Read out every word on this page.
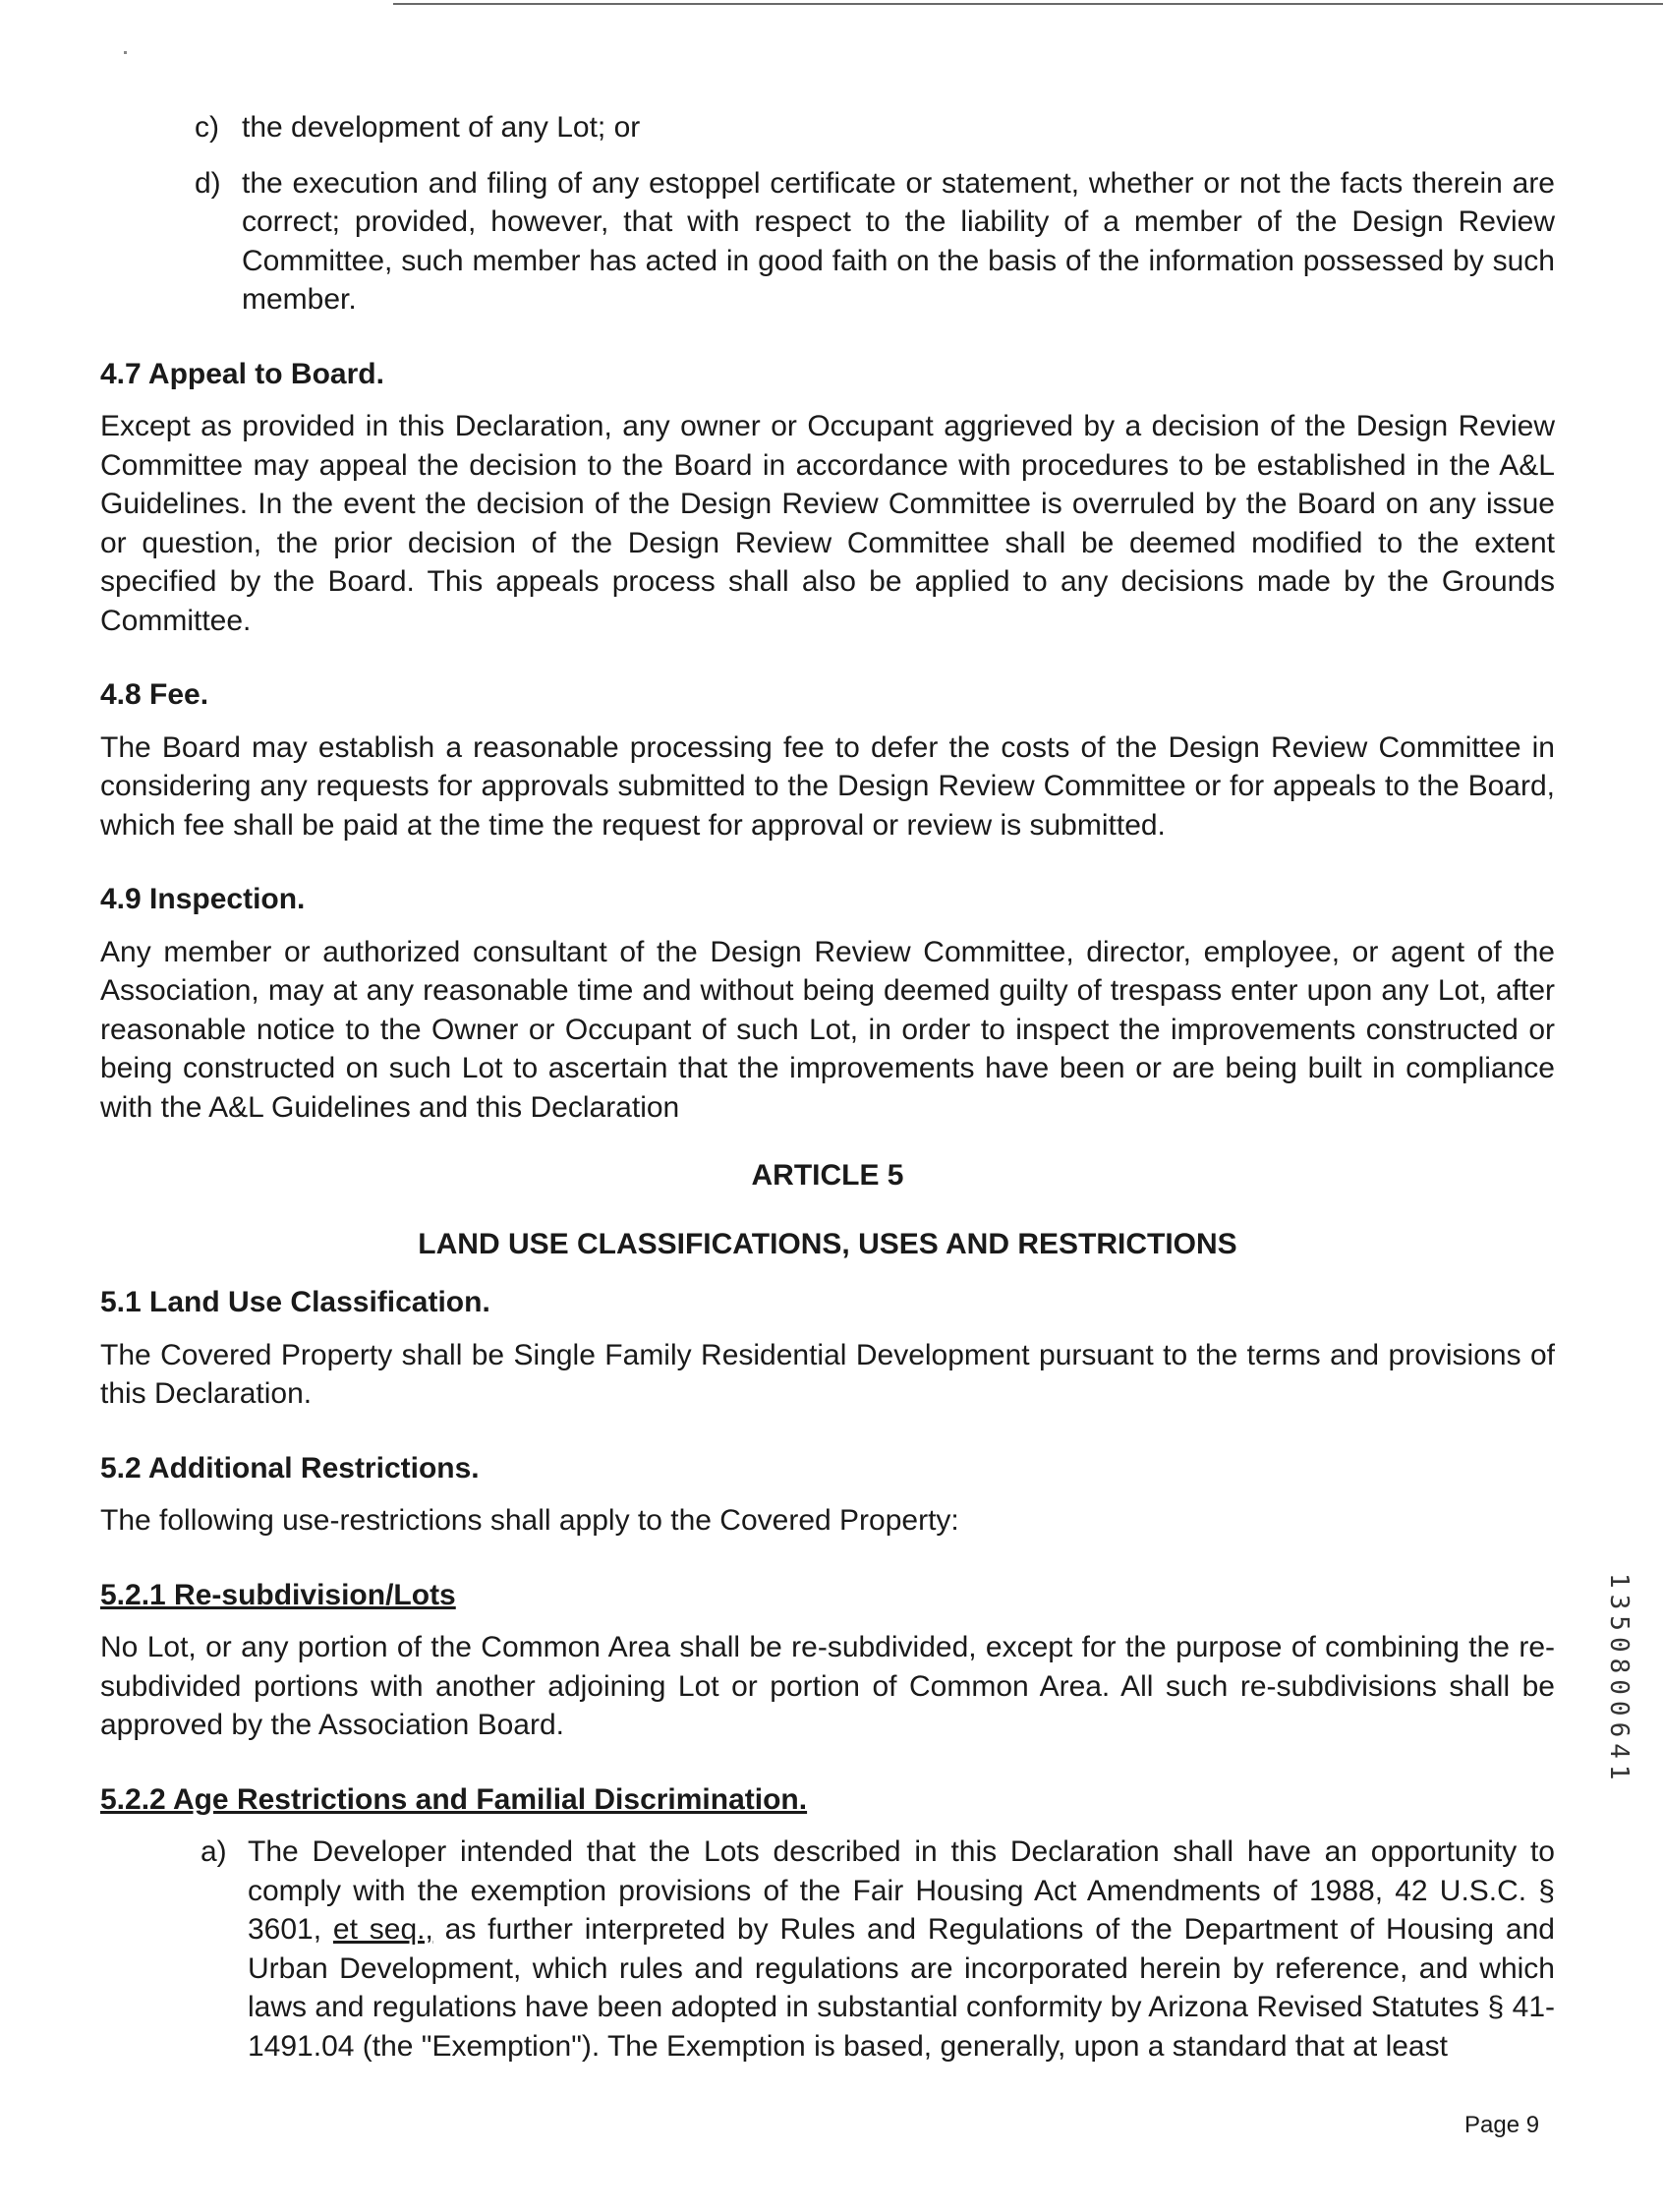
c) the development of any Lot; or
d) the execution and filing of any estoppel certificate or statement, whether or not the facts therein are correct; provided, however, that with respect to the liability of a member of the Design Review Committee, such member has acted in good faith on the basis of the information possessed by such member.
4.7 Appeal to Board.

Except as provided in this Declaration, any owner or Occupant aggrieved by a decision of the Design Review Committee may appeal the decision to the Board in accordance with procedures to be established in the A&L Guidelines. In the event the decision of the Design Review Committee is overruled by the Board on any issue or question, the prior decision of the Design Review Committee shall be deemed modified to the extent specified by the Board. This appeals process shall also be applied to any decisions made by the Grounds Committee.

4.8 Fee.

The Board may establish a reasonable processing fee to defer the costs of the Design Review Committee in considering any requests for approvals submitted to the Design Review Committee or for appeals to the Board, which fee shall be paid at the time the request for approval or review is submitted.

4.9 Inspection.

Any member or authorized consultant of the Design Review Committee, director, employee, or agent of the Association, may at any reasonable time and without being deemed guilty of trespass enter upon any Lot, after reasonable notice to the Owner or Occupant of such Lot, in order to inspect the improvements constructed or being constructed on such Lot to ascertain that the improvements have been or are being built in compliance with the A&L Guidelines and this Declaration

ARTICLE 5
LAND USE CLASSIFICATIONS, USES AND RESTRICTIONS
5.1 Land Use Classification.

The Covered Property shall be Single Family Residential Development pursuant to the terms and provisions of this Declaration.

5.2 Additional Restrictions.

The following use-restrictions shall apply to the Covered Property:

5.2.1 Re-subdivision/Lots

No Lot, or any portion of the Common Area shall be re-subdivided, except for the purpose of combining the re-subdivided portions with another adjoining Lot or portion of Common Area. All such re-subdivisions shall be approved by the Association Board.

5.2.2 Age Restrictions and Familial Discrimination.
a) The Developer intended that the Lots described in this Declaration shall have an opportunity to comply with the exemption provisions of the Fair Housing Act Amendments of 1988, 42 U.S.C. § 3601, et seq., as further interpreted by Rules and Regulations of the Department of Housing and Urban Development, which rules and regulations are incorporated herein by reference, and which laws and regulations have been adopted in substantial conformity by Arizona Revised Statutes § 41-1491.04 (the "Exemption"). The Exemption is based, generally, upon a standard that at least
1350800641
Page 9
